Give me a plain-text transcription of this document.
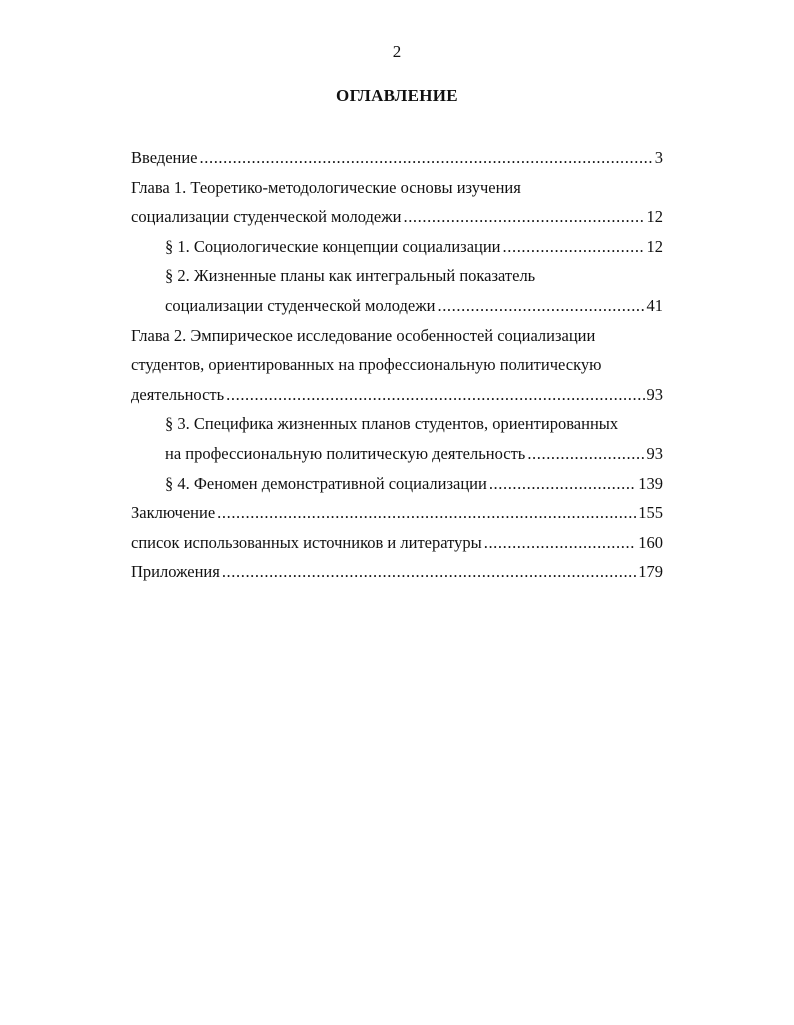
2
ОГЛАВЛЕНИЕ
Введение .....	3
Глава 1. Теоретико-методологические основы изучения
социализации студенческой молодежи .....	12
§ 1. Социологические концепции социализации .....	12
§ 2. Жизненные планы как интегральный показатель
социализации студенческой молодежи .....	41
Глава 2. Эмпирическое исследование особенностей социализации
студентов, ориентированных на профессиональную политическую
деятельность .....	93
§ 3. Специфика жизненных планов студентов, ориентированных
на профессиональную политическую деятельность .....	93
§ 4. Феномен демонстративной социализации .....	139
Заключение .....	155
список использованных источников и литературы .....	160
Приложения .....	179
